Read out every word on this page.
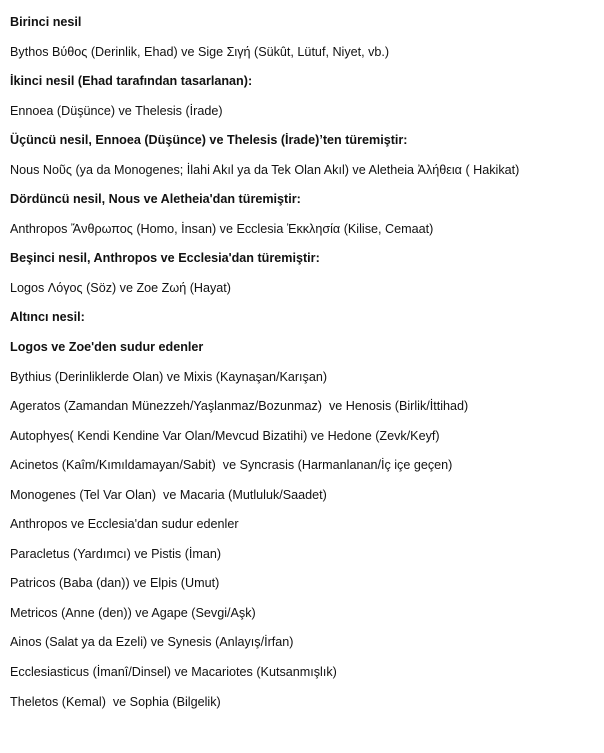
Birinci nesil

Bythos Βύθος (Derinlik, Ehad) ve Sige Σιγή (Sükût, Lütuf, Niyet, vb.)

İkinci nesil (Ehad tarafından tasarlanan):

Ennoea (Düşünce) ve Thelesis (İrade)

Üçüncü nesil, Ennoea (Düşünce) ve Thelesis (İrade)’ten türemiştir:

Nous Νοῦς (ya da Monogenes; İlahi Akıl ya da Tek Olan Akıl) ve Aletheia Ἀλήθεια ( Hakikat)

Dördüncü nesil, Nous ve Aletheia'dan türemiştir:

Anthropos Ἄνθρωπος (Homo, İnsan) ve Ecclesia Ἐκκλησία (Kilise, Cemaat)

Beşinci nesil, Anthropos ve Ecclesia'dan türemiştir:

Logos Λόγος (Söz) ve Zoe Ζωή (Hayat)

Altıncı nesil:

Logos ve Zoe'den sudur edenler

Bythius (Derinliklerde Olan) ve Mixis (Kaynaşan/Karışan)

Ageratos (Zamandan Münezzeh/Yaşlanmaz/Bozunmaz)  ve Henosis (Birlik/İttihad)

Autophyes( Kendi Kendine Var Olan/Mevcud Bizatihi) ve Hedone (Zevk/Keyf)

Acinetos (Kaîm/Kımıldamayan/Sabit)  ve Syncrasis (Harmanlanan/İç içe geçen)

Monogenes (Tel Var Olan)  ve Macaria (Mutluluk/Saadet)

Anthropos ve Ecclesia'dan sudur edenler

Paracletus (Yardımcı) ve Pistis (İman)

Patricos (Baba (dan)) ve Elpis (Umut)

Metricos (Anne (den)) ve Agape (Sevgi/Aşk)

Ainos (Salat ya da Ezeli) ve Synesis (Anlayış/İrfan)

Ecclesiasticus (İmanî/Dinsel) ve Macariotes (Kutsanmışlık)

Theletos (Kemal)  ve Sophia (Bilgelik)
